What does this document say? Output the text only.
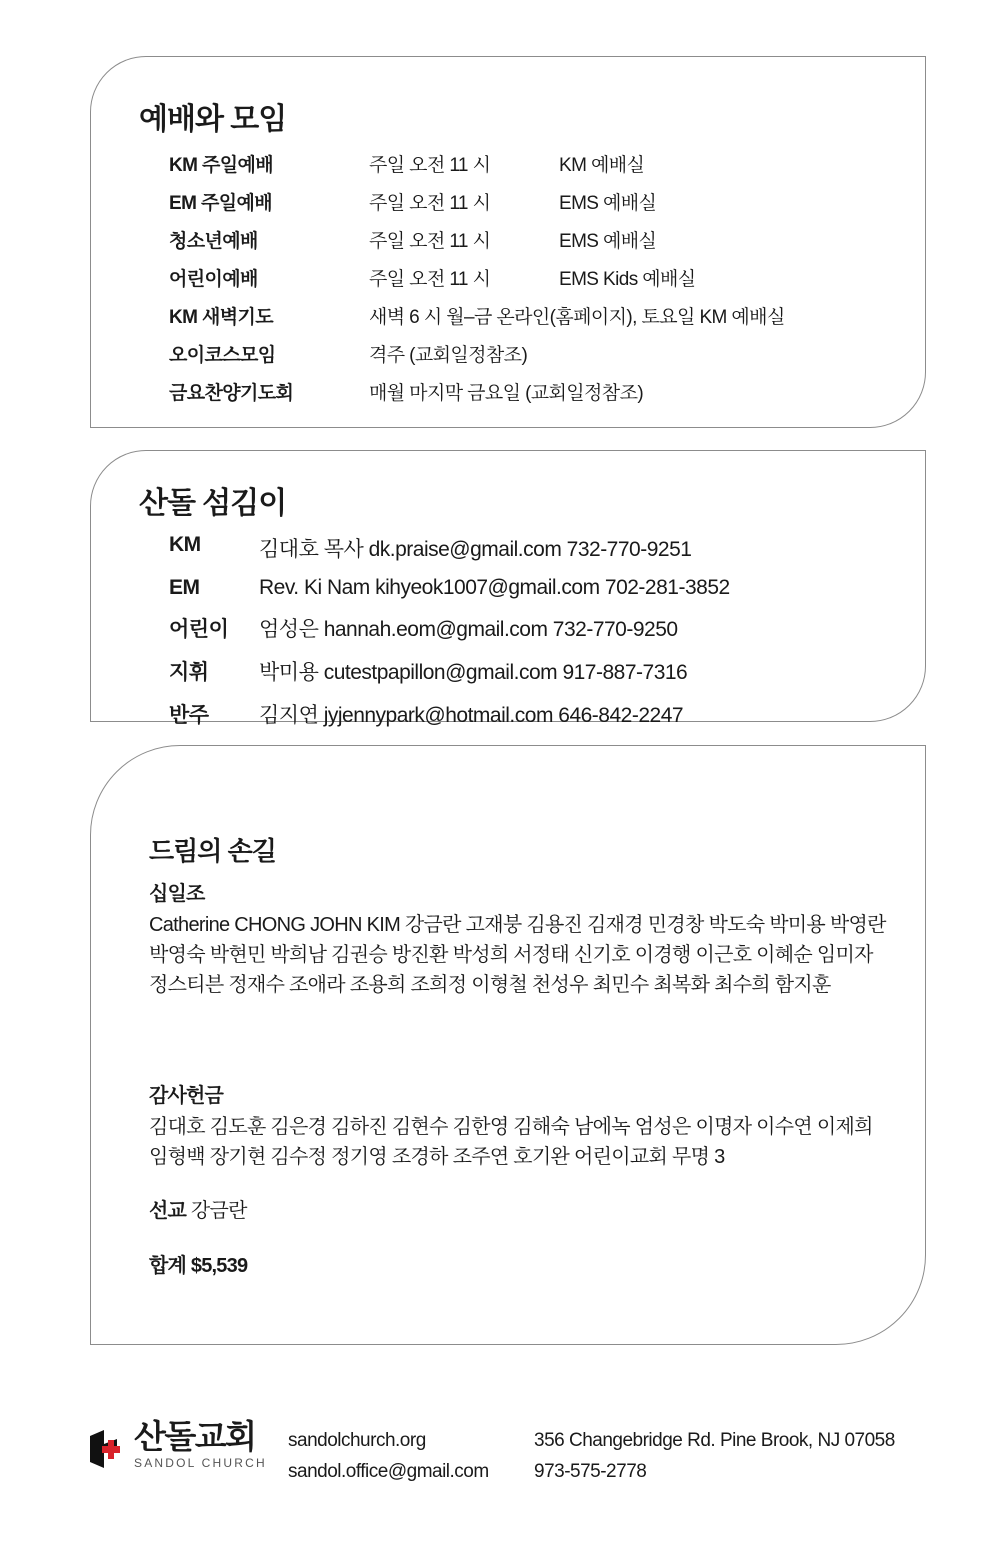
예배와 모임
KM 주일예배	주일 오전 11 시	KM 예배실
EM 주일예배	주일 오전 11 시	EMS 예배실
청소년예배	주일 오전 11 시	EMS 예배실
어린이예배	주일 오전 11 시	EMS Kids 예배실
KM 새벽기도	새벽 6 시 월–금 온라인(홈페이지), 토요일 KM 예배실	
오이코스모임	격주 (교회일정참조)	
금요찬양기도회	매월 마지막 금요일 (교회일정참조)	
산돌 섬김이
KM	김대호 목사 dk.praise@gmail.com 732-770-9251
EM	Rev. Ki Nam kihyeok1007@gmail.com 702-281-3852
어린이	엄성은 hannah.eom@gmail.com 732-770-9250
지휘	박미용 cutestpapillon@gmail.com 917-887-7316
반주	김지연 jyjennypark@hotmail.com 646-842-2247
드림의 손길
십일조
Catherine CHONG JOHN KIM 강금란 고재붕 김용진 김재경 민경창 박도숙 박미용 박영란 박영숙 박현민 박희남 김권승 방진환 박성희 서정태 신기호 이경행 이근호 이혜순 임미자 정스티븐 정재수 조애라 조용희 조희정 이형철 천성우 최민수 최복화 최수희 함지훈
감사헌금
김대호 김도훈 김은경 김하진 김현수 김한영 김해숙 남에녹 엄성은 이명자 이수연 이제희 임형백 장기현 김수정 정기영 조경하 조주연 호기완 어린이교회 무명 3
선교 강금란
합계 $5,539
산돌교회
SANDOL CHURCH
sandolchurch.org
sandol.office@gmail.com
356 Changebridge Rd. Pine Brook, NJ 07058
973-575-2778
